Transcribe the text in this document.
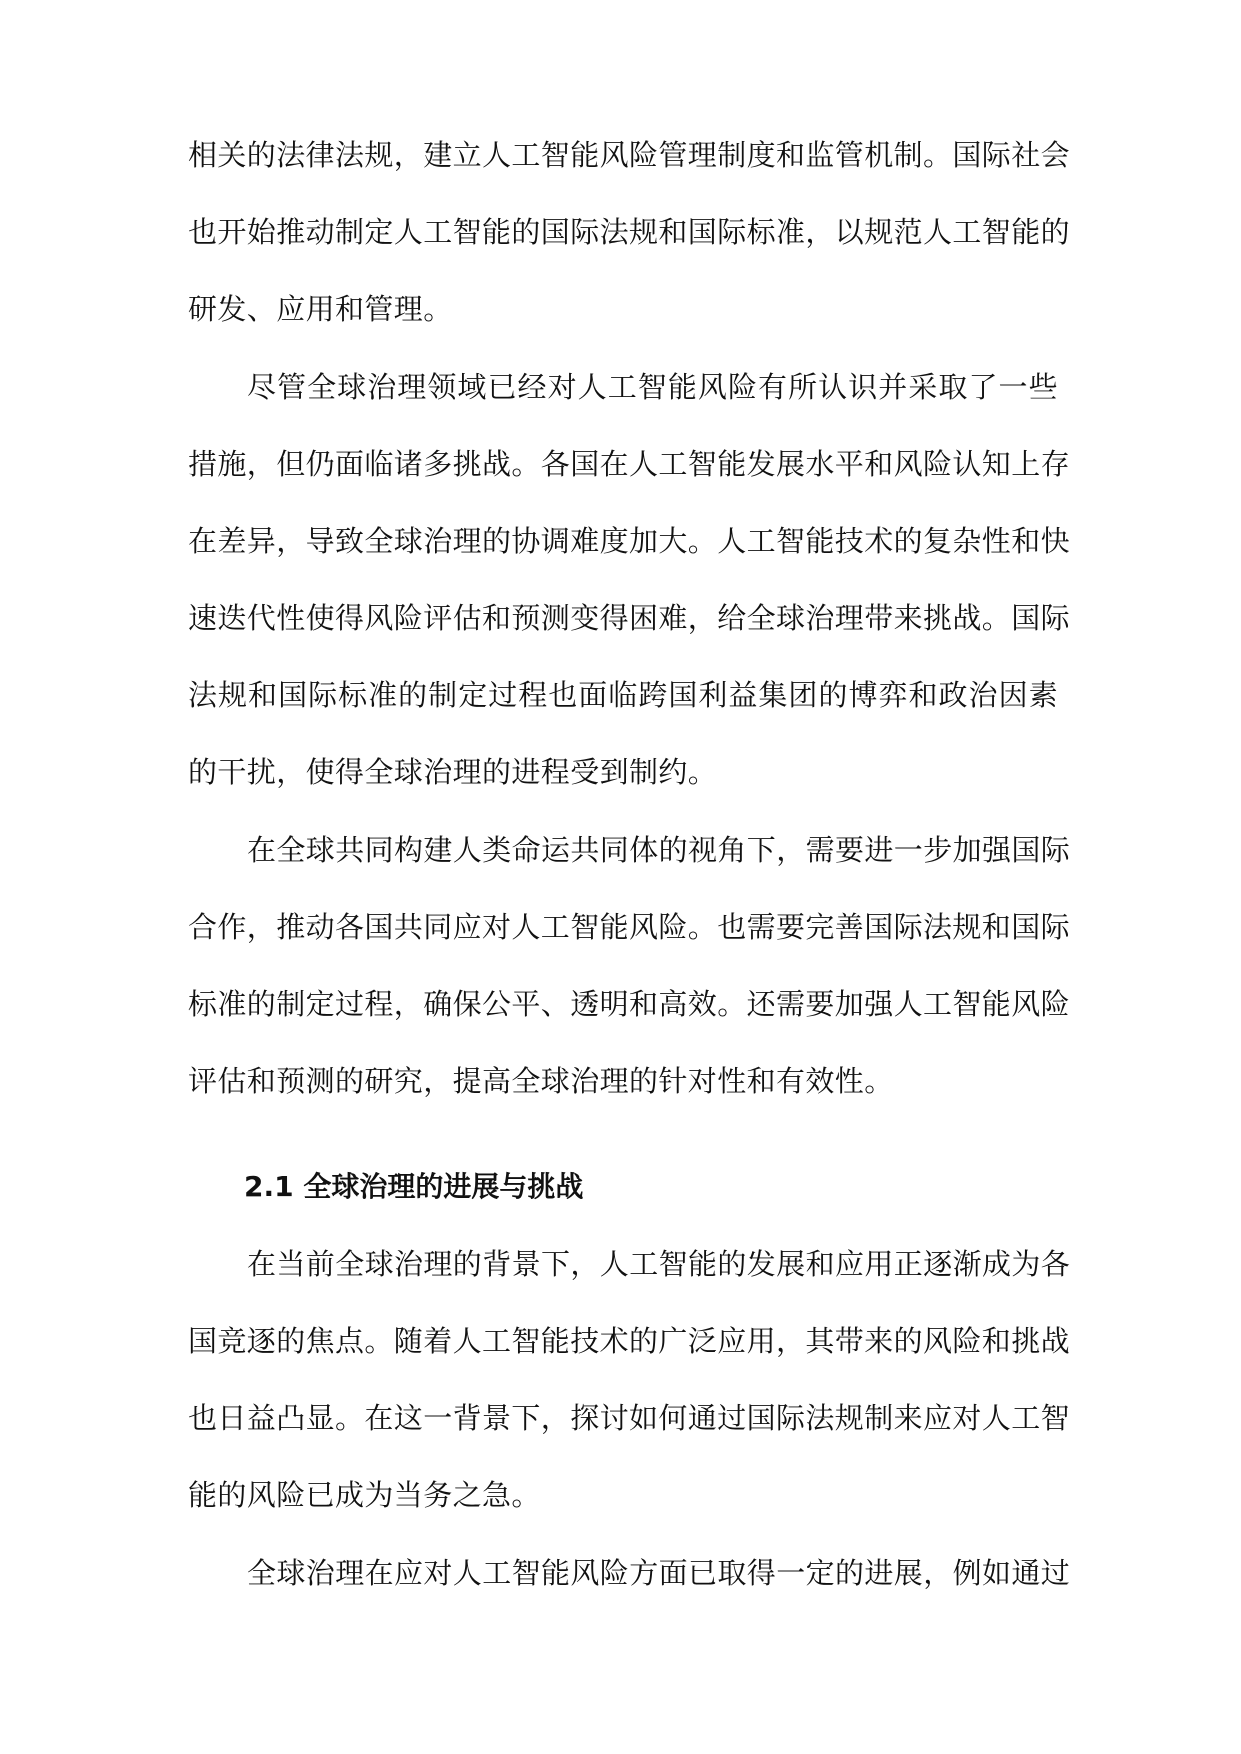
相关的法律法规，建立人工智能风险管理制度和监管机制。国际社会
也开始推动制定人工智能的国际法规和国际标准，以规范人工智能的
研发、应用和管理。
尽管全球治理领域已经对人工智能风险有所认识并采取了一些
措施，但仍面临诸多挑战。各国在人工智能发展水平和风险认知上存
在差异，导致全球治理的协调难度加大。人工智能技术的复杂性和快
速迭代性使得风险评估和预测变得困难，给全球治理带来挑战。国际
法规和国际标准的制定过程也面临跨国利益集团的博弈和政治因素
的干扰，使得全球治理的进程受到制约。
在全球共同构建人类命运共同体的视角下，需要进一步加强国际
合作，推动各国共同应对人工智能风险。也需要完善国际法规和国际
标准的制定过程，确保公平、透明和高效。还需要加强人工智能风险
评估和预测的研究，提高全球治理的针对性和有效性。
2.1 全球治理的进展与挑战
在当前全球治理的背景下，人工智能的发展和应用正逐渐成为各
国竞逐的焦点。随着人工智能技术的广泛应用，其带来的风险和挑战
也日益凸显。在这一背景下，探讨如何通过国际法规制来应对人工智
能的风险已成为当务之急。
全球治理在应对人工智能风险方面已取得一定的进展，例如通过
